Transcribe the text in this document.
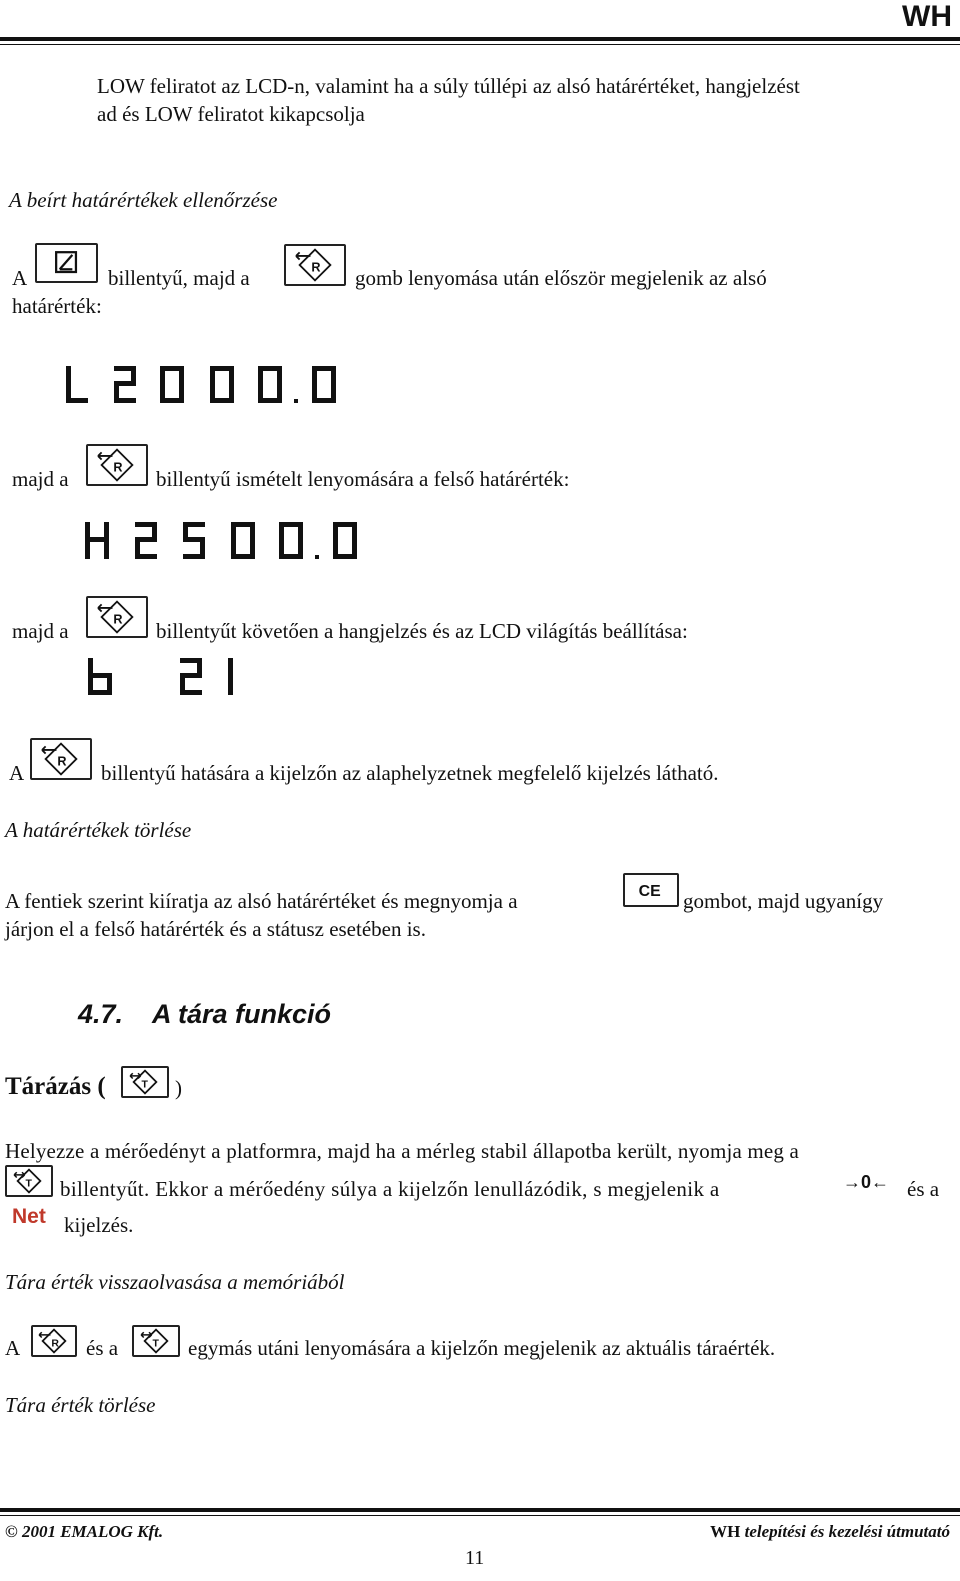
WH
LOW feliratot az LCD-n, valamint ha a súly túllépi az alsó határértéket, hangjelzést
ad és LOW feliratot kikapcsolja
A beírt határértékek ellenőrzése
A	billentyű, majd a	R gomb lenyomása után először megjelenik az alsó
határérték:
majd a	R billentyű ismételt lenyomására a felső határérték:
majd a	R billentyűt követően a hangjelzés és az LCD világítás beállítása:
A R billentyű hatására a kijelzőn az alaphelyzetnek megfelelő kijelzés látható.
A határértékek törlése
A fentiek szerint kiíratja az alsó határértéket és megnyomja a	CE gombot, majd ugyanígy
járjon el a felső határérték és a státusz esetében is.
4.7. A tára funkció
Tárázás (	T )
Helyezze a mérőedényt a platformra, majd ha a mérleg stabil állapotba került, nyomja meg a
T billentyűt. Ekkor a mérőedény súlya a kijelzőn lenullázódik, s megjelenik a	→0← és a
Net kijelzés.
Tára érték visszaolvasása a memóriából
A	R és a	T egymás utáni lenyomására a kijelzőn megjelenik az aktuális táraérték.
Tára érték törlése
© 2001 EMALOG Kft.	WH telepítési és kezelési útmutató
11
